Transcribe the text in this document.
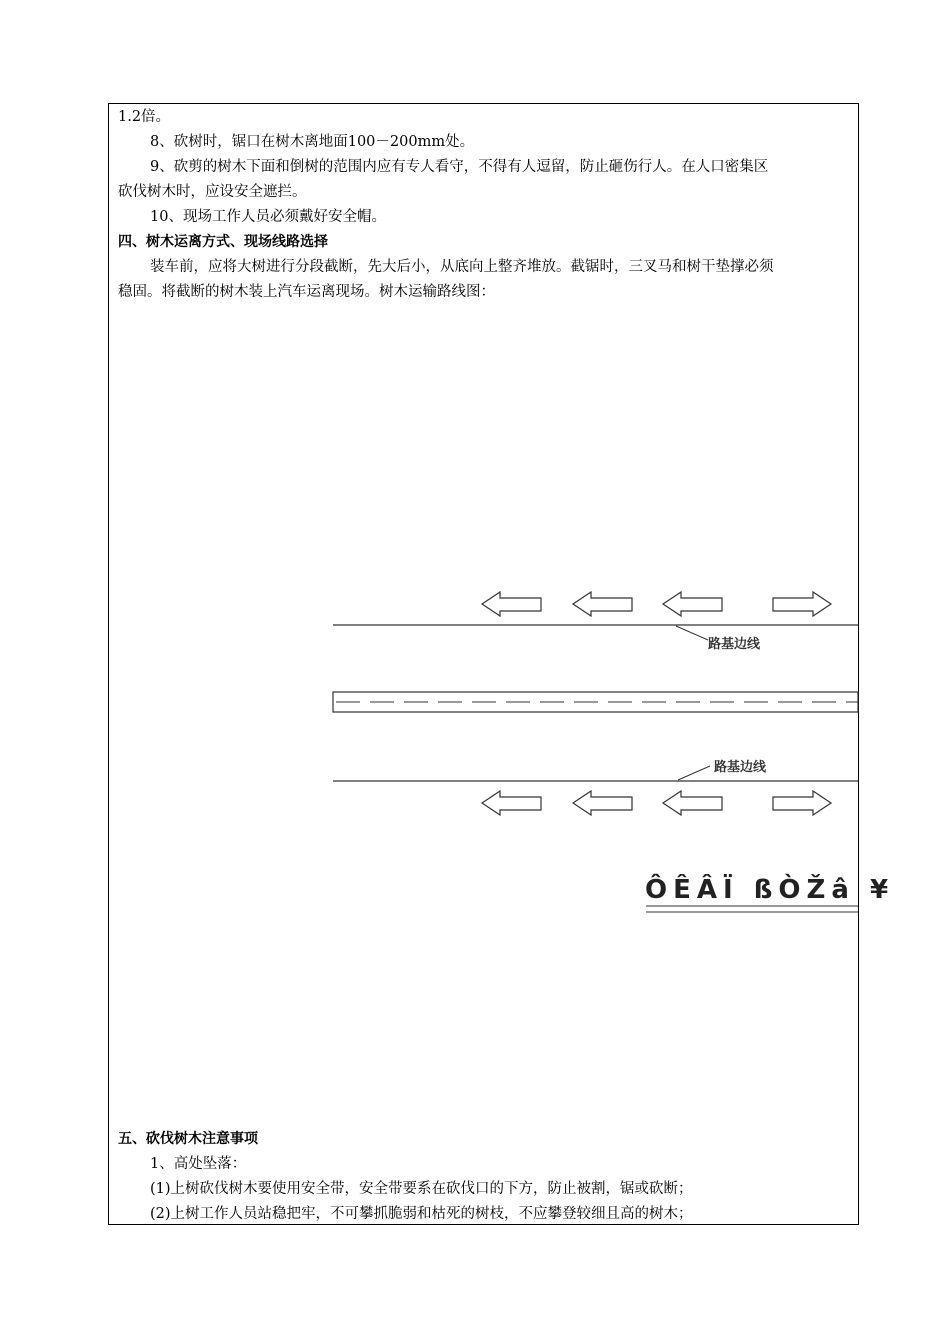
1.2倍。
8、砍树时，锯口在树木离地面100－200mm处。
9、砍剪的树木下面和倒树的范围内应有专人看守，不得有人逗留，防止砸伤行人。在人口密集区
砍伐树木时，应设安全遮拦。
10、现场工作人员必须戴好安全帽。
四、树木运离方式、现场线路选择
装车前，应将大树进行分段截断，先大后小，从底向上整齐堆放。截锯时，三叉马和树干垫撑必须
稳固。将截断的树木装上汽车运离现场。树木运输路线图：
路基边线
路基边线
ÔÊÂÏ ßÒŽâ ¥
五、砍伐树木注意事项
1、高处坠落：
(1)上树砍伐树木要使用安全带，安全带要系在砍伐口的下方，防止被割，锯或砍断；
(2)上树工作人员站稳把牢，不可攀抓脆弱和枯死的树枝，不应攀登较细且高的树木；
